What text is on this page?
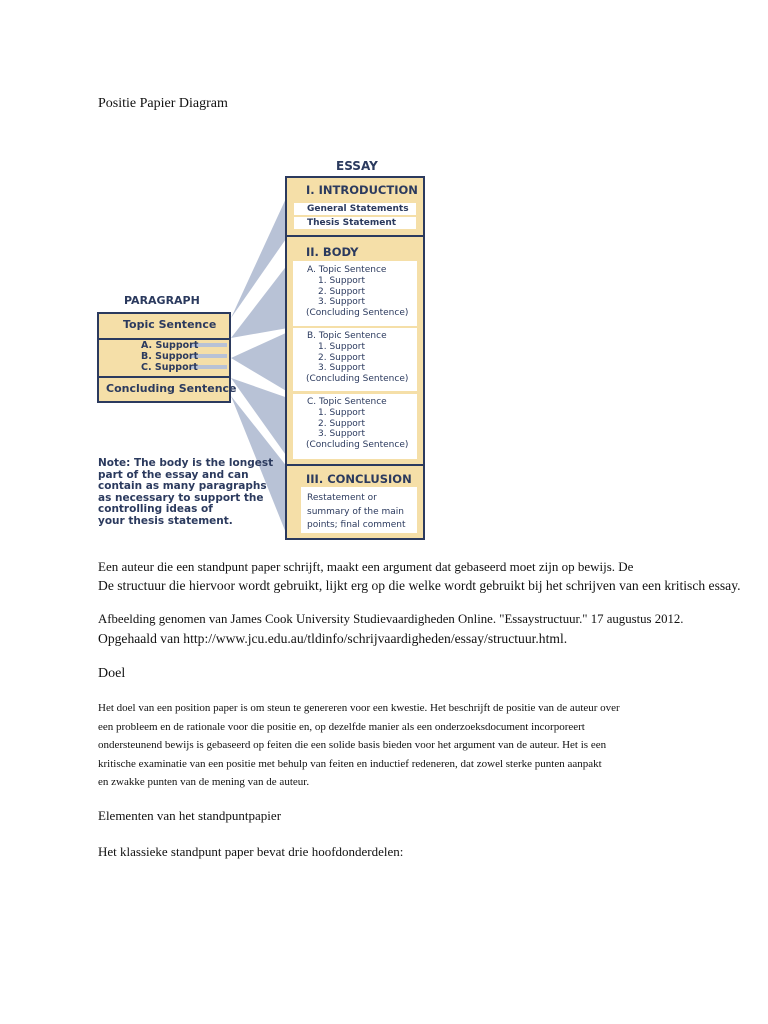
Positie Papier Diagram
ESSAY
PARAGRAPH
Topic Sentence
A. Support
B. Support
C. Support
Concluding Sentence
Note: The body is the longest
part of the essay and can
contain as many paragraphs
as necessary to support the
controlling ideas of
your thesis statement.
I. INTRODUCTION
General Statements
Thesis Statement
II. BODY
A. Topic Sentence
1. Support
2. Support
3. Support
(Concluding Sentence)
B. Topic Sentence
1. Support
2. Support
3. Support
(Concluding Sentence)
C. Topic Sentence
1. Support
2. Support
3. Support
(Concluding Sentence)
III. CONCLUSION
Restatement or
summary of the main
points; final comment
Een auteur die een standpunt paper schrijft, maakt een argument dat gebaseerd moet zijn op bewijs. De
De structuur die hiervoor wordt gebruikt, lijkt erg op die welke wordt gebruikt bij het schrijven van een kritisch essay.
Afbeelding genomen van James Cook University Studievaardigheden Online. "Essaystructuur." 17 augustus 2012.
Opgehaald van http://www.jcu.edu.au/tldinfo/schrijvaardigheden/essay/structuur.html.
Doel
Het doel van een position paper is om steun te genereren voor een kwestie. Het beschrijft de positie van de auteur over
een probleem en de rationale voor die positie en, op dezelfde manier als een onderzoeksdocument incorporeert
ondersteunend bewijs is gebaseerd op feiten die een solide basis bieden voor het argument van de auteur. Het is een
kritische examinatie van een positie met behulp van feiten en inductief redeneren, dat zowel sterke punten aanpakt
en zwakke punten van de mening van de auteur.
Elementen van het standpuntpapier
Het klassieke standpunt paper bevat drie hoofdonderdelen:
